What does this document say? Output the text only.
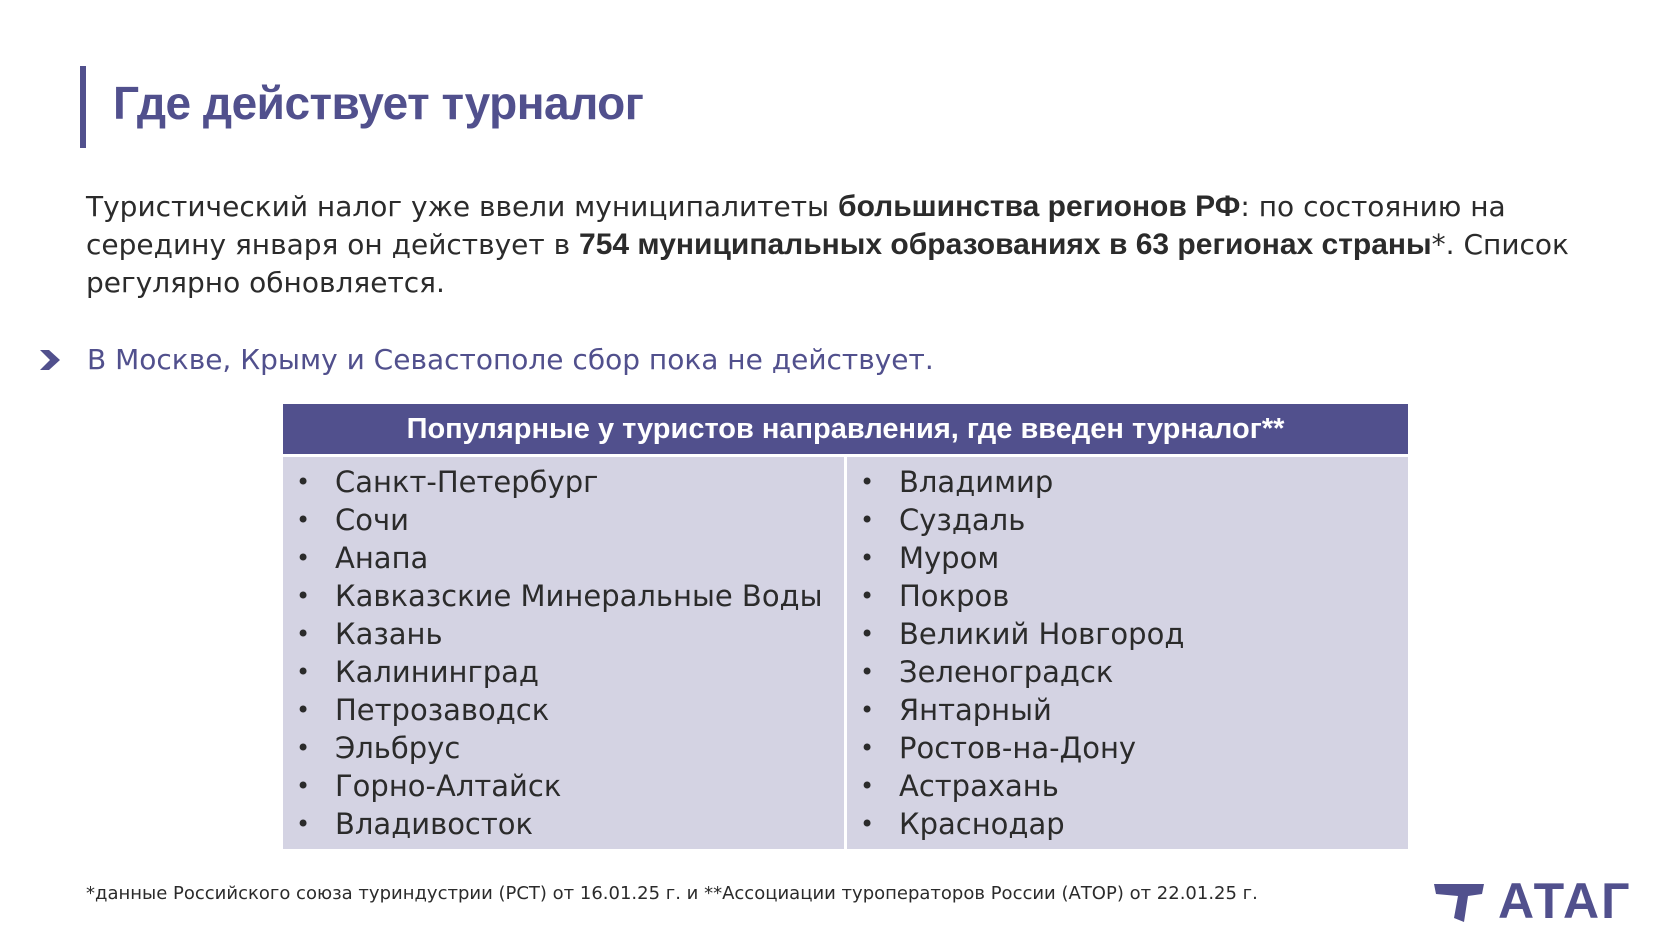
Где действует турналог
Туристический налог уже ввели муниципалитеты большинства регионов РФ: по состоянию на середину января он действует в 754 муниципальных образованиях в 63 регионах страны*. Список регулярно обновляется.
В Москве, Крыму и Севастополе сбор пока не действует.
Популярные у туристов направления, где введен турналог**
• Санкт-Петербург
• Сочи
• Анапа
• Кавказские Минеральные Воды
• Казань
• Калининград
• Петрозаводск
• Эльбрус
• Горно-Алтайск
• Владивосток
• Владимир
• Суздаль
• Муром
• Покров
• Великий Новгород
• Зеленоградск
• Янтарный
• Ростов-на-Дону
• Астрахань
• Краснодар
*данные Российского союза туриндустрии (РСТ) от 16.01.25 г. и **Ассоциации туроператоров России (АТОР) от 22.01.25 г.	АТАГ
